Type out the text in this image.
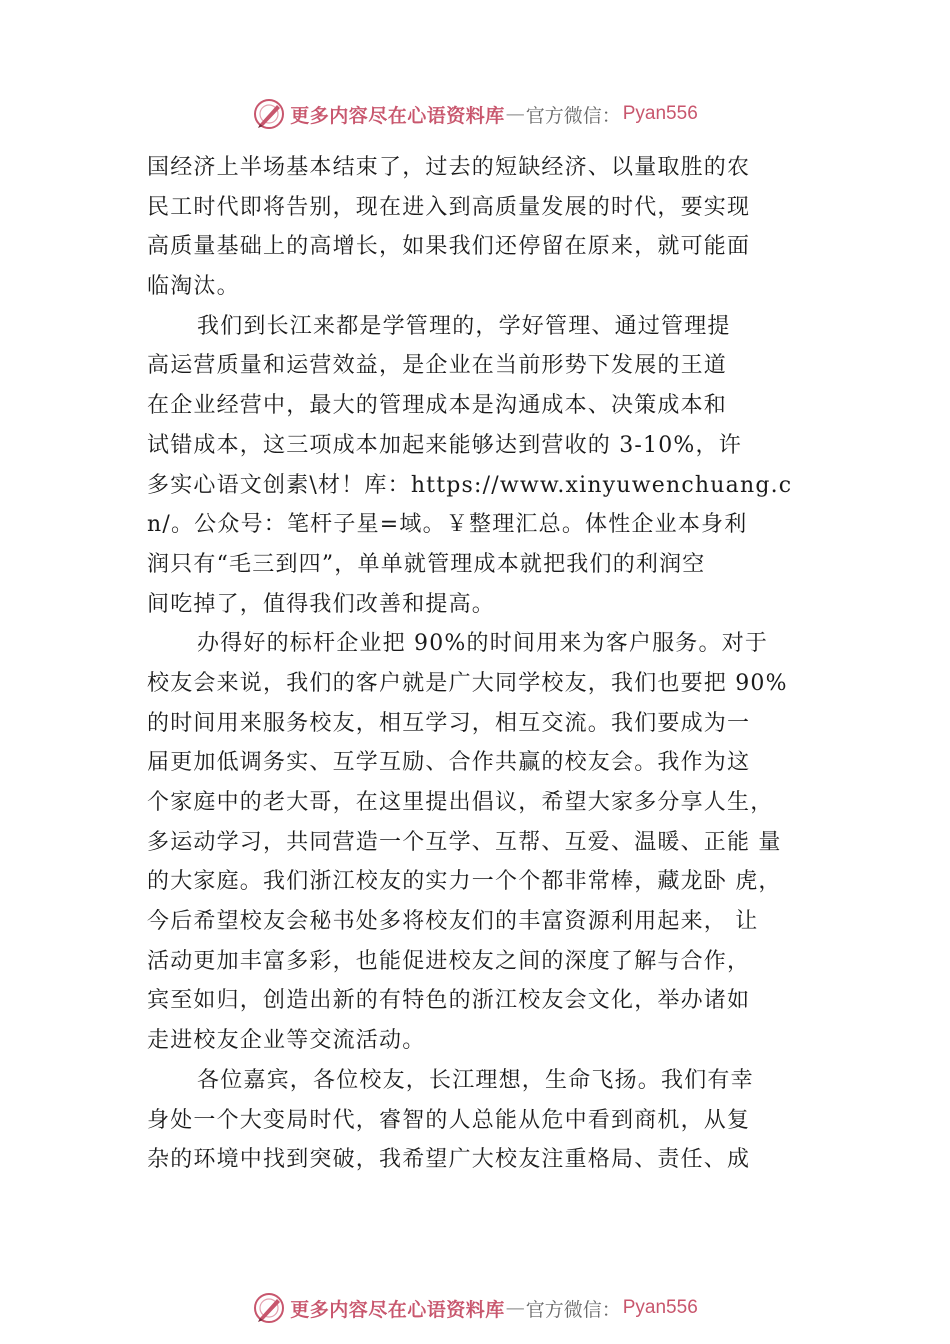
更多内容尽在心语资料库 — 官方微信： Pyan556
国经济上半场基本结束了，过去的短缺经济、以量取胜的农
民工时代即将告别，现在进入到高质量发展的时代，要实现
高质量基础上的高增长，如果我们还停留在原来，就可能面
临淘汰。
我们到长江来都是学管理的，学好管理、通过管理提
高运营质量和运营效益，是企业在当前形势下发展的王道
在企业经营中，最大的管理成本是沟通成本、决策成本和
试错成本，这三项成本加起来能够达到营收的 3-10%，许
多实心语文创素\材！库：https://www.xinyuwenchuang.c
n/。公众号：笔杆子星=域。￥整理汇总。体性企业本身利
润只有“毛三到四”，单单就管理成本就把我们的利润空
间吃掉了，值得我们改善和提高。
办得好的标杆企业把 90%的时间用来为客户服务。对于
校友会来说，我们的客户就是广大同学校友，我们也要把 90%
的时间用来服务校友，相互学习，相互交流。我们要成为一
届更加低调务实、互学互励、合作共赢的校友会。我作为这
个家庭中的老大哥，在这里提出倡议，希望大家多分享人生，
多运动学习，共同营造一个互学、互帮、互爱、温暖、正能 量
的大家庭。我们浙江校友的实力一个个都非常棒，藏龙卧 虎，
今后希望校友会秘书处多将校友们的丰富资源利用起来， 让
活动更加丰富多彩，也能促进校友之间的深度了解与合作，
宾至如归，创造出新的有特色的浙江校友会文化，举办诸如
走进校友企业等交流活动。
各位嘉宾，各位校友，长江理想，生命飞扬。我们有幸
身处一个大变局时代，睿智的人总能从危中看到商机，从复
杂的环境中找到突破，我希望广大校友注重格局、责任、成
更多内容尽在心语资料库 — 官方微信： Pyan556
